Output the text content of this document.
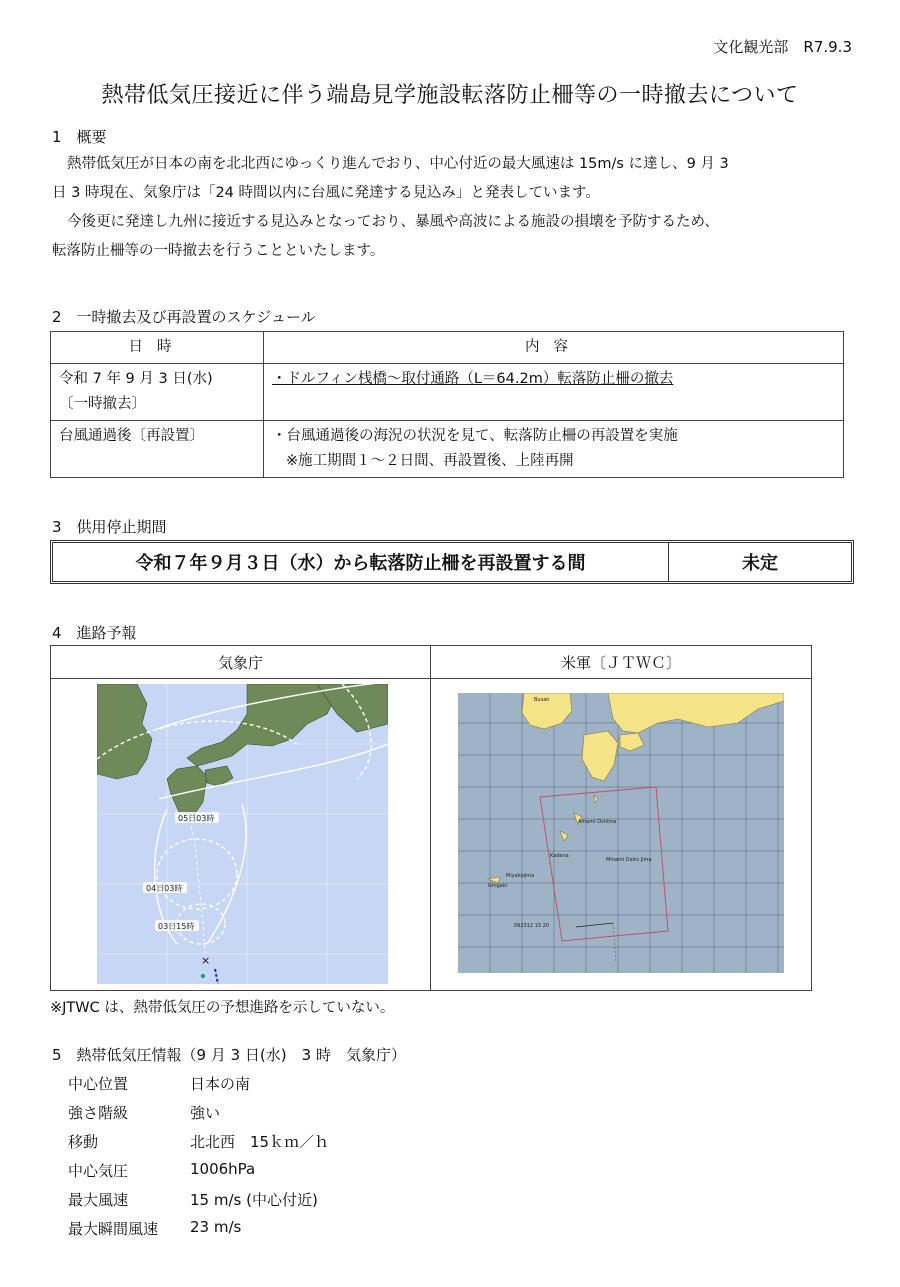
文化観光部　R7.9.3
熱帯低気圧接近に伴う端島見学施設転落防止柵等の一時撤去について
1　概要
熱帯低気圧が日本の南を北北西にゆっくり進んでおり、中心付近の最大風速は 15m/s に達し、9 月 3
日 3 時現在、気象庁は「24 時間以内に台風に発達する見込み」と発表しています。
今後更に発達し九州に接近する見込みとなっており、暴風や高波による施設の損壊を予防するため、
転落防止柵等の一時撤去を行うことといたします。
2　一時撤去及び再設置のスケジュール
日時	内容

令和 7 年 9 月 3 日(水)
〔一時撤去〕	・ドルフィン桟橋～取付通路（L＝64.2m）転落防止柵の撤去

台風通過後〔再設置〕	・台風通過後の海況の状況を見て、転落防止柵の再設置を実施
※施工期間１～２日間、再設置後、上陸再開
3　供用停止期間
令和７年９月３日（水）から転落防止柵を再設置する間	未定
4　進路予報
気象庁	米軍〔ＪＴＷＣ〕
05日03時
04日03時
03日15時
×
Busan
Amami Oshima
Kadena
Minami Daito Jima
Miyakojima
Ishigaki
092312 15 20
※JTWC は、熱帯低気圧の予想進路を示していない。
5　熱帯低気圧情報（9 月 3 日(水)　3 時　気象庁）
中心位置	日本の南
強さ階級	強い
移動	北北西　15ｋｍ／ｈ
中心気圧	1006hPa
最大風速	15 m/s (中心付近)
最大瞬間風速 23 m/s
